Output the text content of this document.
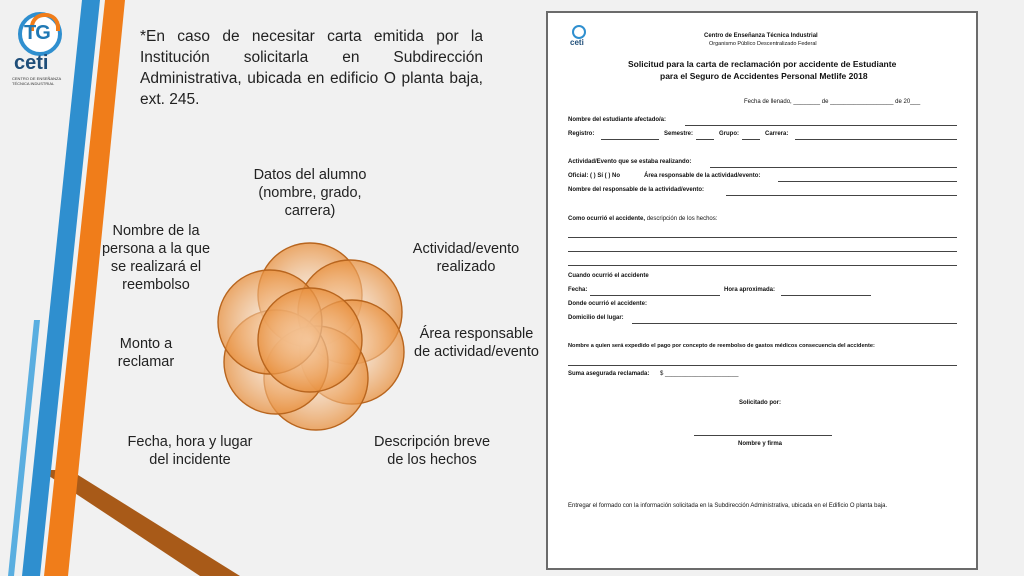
TG
ceti
CENTRO DE ENSEÑANZA TÉCNICA INDUSTRIAL
*En caso de necesitar carta emitida por la Institución solicitarla en Subdirección Administrativa, ubicada en edificio O planta baja, ext. 245.
Datos del alumno (nombre, grado, carrera)
Actividad/evento realizado
Área responsable de actividad/evento
Descripción breve de los hechos
Fecha, hora y lugar del incidente
Monto a reclamar
Nombre de la persona a la que se realizará el reembolso
ceti
Centro de Enseñanza Técnica Industrial
Organismo Público Descentralizado Federal
Solicitud para la carta de reclamación por accidente de Estudiante
para el Seguro de Accidentes Personal Metlife 2018
Fecha de llenado, ________ de ___________________ de 20___
Nombre del estudiante afectado/a:
Registro:	Semestre:	Grupo:	Carrera:
Actividad/Evento que se estaba realizando:
Oficial: ( ) Sí ( ) No	Área responsable de la actividad/evento:
Nombre del responsable de la actividad/evento:
Como ocurrió el accidente, descripción de los hechos:
Cuando ocurrió el accidente
Fecha:	Hora aproximada:
Donde ocurrió el accidente:
Domicilio del lugar:
Nombre a quien será expedido el pago por concepto de reembolso de gastos médicos consecuencia del accidente:
Suma asegurada reclamada: $ ______________________
Solicitado por:
Nombre y firma
Entregar el formado con la información solicitada en la Subdirección Administrativa, ubicada en el Edificio O planta baja.
